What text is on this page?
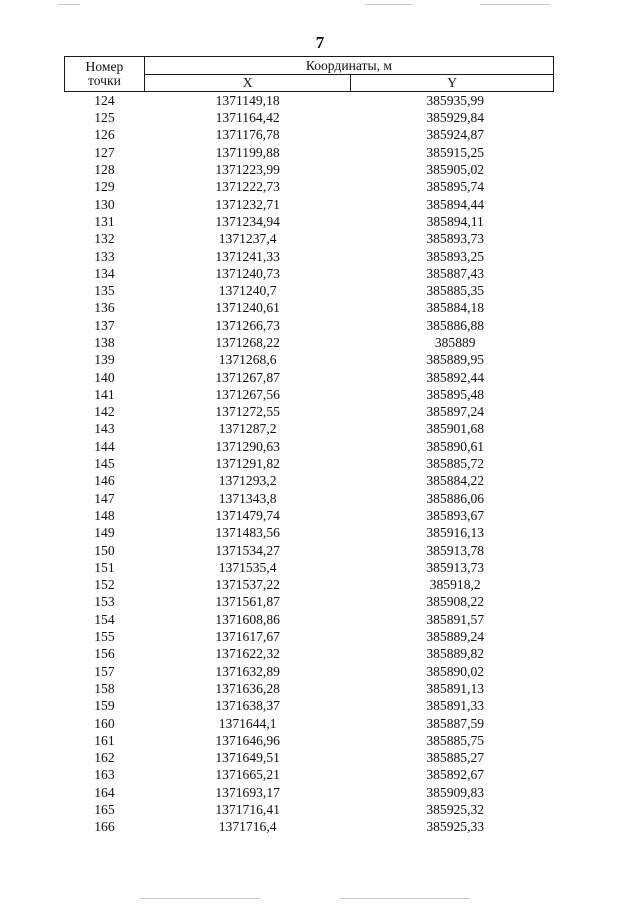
7
Номер
точки	Координаты, м	
	X	Y
124	1371149,18	385935,99
125	1371164,42	385929,84
126	1371176,78	385924,87
127	1371199,88	385915,25
128	1371223,99	385905,02
129	1371222,73	385895,74
130	1371232,71	385894,44
131	1371234,94	385894,11
132	1371237,4	385893,73
133	1371241,33	385893,25
134	1371240,73	385887,43
135	1371240,7	385885,35
136	1371240,61	385884,18
137	1371266,73	385886,88
138	1371268,22	385889
139	1371268,6	385889,95
140	1371267,87	385892,44
141	1371267,56	385895,48
142	1371272,55	385897,24
143	1371287,2	385901,68
144	1371290,63	385890,61
145	1371291,82	385885,72
146	1371293,2	385884,22
147	1371343,8	385886,06
148	1371479,74	385893,67
149	1371483,56	385916,13
150	1371534,27	385913,78
151	1371535,4	385913,73
152	1371537,22	385918,2
153	1371561,87	385908,22
154	1371608,86	385891,57
155	1371617,67	385889,24
156	1371622,32	385889,82
157	1371632,89	385890,02
158	1371636,28	385891,13
159	1371638,37	385891,33
160	1371644,1	385887,59
161	1371646,96	385885,75
162	1371649,51	385885,27
163	1371665,21	385892,67
164	1371693,17	385909,83
165	1371716,41	385925,32
166	1371716,4	385925,33
